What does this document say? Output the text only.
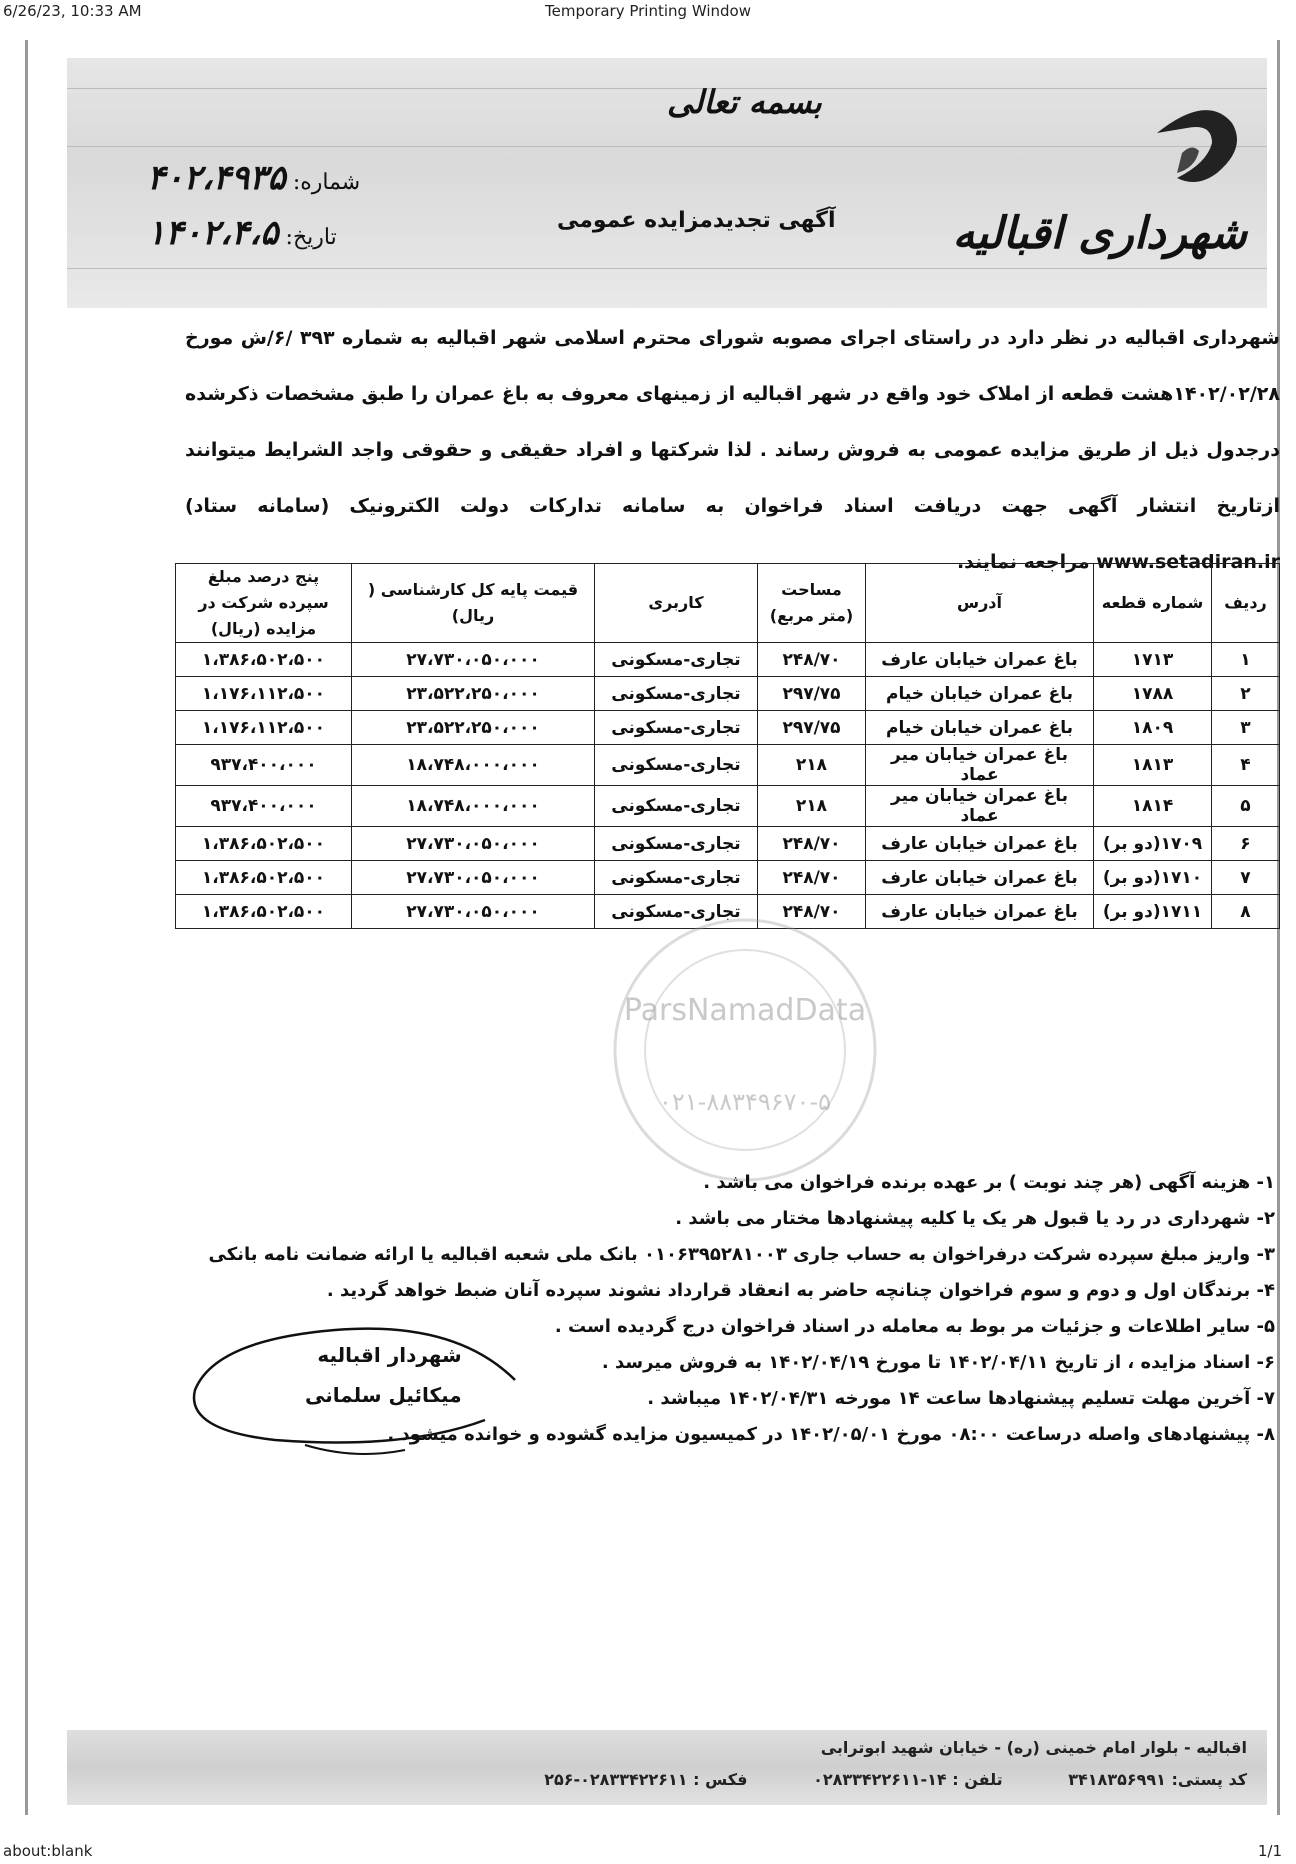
6/26/23, 10:33 AM	Temporary Printing Window
بسمه تعالی
شهرداری اقبالیه
آگهی تجدیدمزایده عمومی
شماره: ۴۰۲،۴۹۳۵
تاریخ: ۱۴۰۲،۴،۵
شهرداری اقبالیه در نظر دارد در راستای اجرای مصوبه شورای محترم اسلامی شهر اقبالیه به شماره ۳۹۳ /۶/ش مورخ ۱۴۰۲/۰۲/۲۸هشت قطعه از املاک خود واقع در شهر اقبالیه از زمینهای معروف به باغ عمران را طبق مشخصات ذکرشده درجدول ذیل از طریق مزایده عمومی به فروش رساند . لذا شرکتها و افراد حقیقی و حقوقی واجد الشرایط میتوانند ازتاریخ انتشار آگهی جهت دریافت اسناد فراخوان به سامانه تدارکات دولت الکترونیک (سامانه ستاد) www.setadiran.ir مراجعه نمایند.
ردیف	شماره قطعه	آدرس	مساحت (متر مربع)	کاربری	قیمت پایه کل کارشناسی ( ریال)	پنج درصد مبلغ سپرده شرکت در مزایده (ریال)
۱	۱۷۱۳	باغ عمران خیابان عارف	۲۴۸/۷۰	تجاری-مسکونی	۲۷،۷۳۰،۰۵۰،۰۰۰	۱،۳۸۶،۵۰۲،۵۰۰
۲	۱۷۸۸	باغ عمران خیابان خیام	۲۹۷/۷۵	تجاری-مسکونی	۲۳،۵۲۲،۲۵۰،۰۰۰	۱،۱۷۶،۱۱۲،۵۰۰
۳	۱۸۰۹	باغ عمران خیابان خیام	۲۹۷/۷۵	تجاری-مسکونی	۲۳،۵۲۲،۲۵۰،۰۰۰	۱،۱۷۶،۱۱۲،۵۰۰
۴	۱۸۱۳	باغ عمران خیابان میر عماد	۲۱۸	تجاری-مسکونی	۱۸،۷۴۸،۰۰۰،۰۰۰	۹۳۷،۴۰۰،۰۰۰
۵	۱۸۱۴	باغ عمران خیابان میر عماد	۲۱۸	تجاری-مسکونی	۱۸،۷۴۸،۰۰۰،۰۰۰	۹۳۷،۴۰۰،۰۰۰
۶	۱۷۰۹(دو بر)	باغ عمران خیابان عارف	۲۴۸/۷۰	تجاری-مسکونی	۲۷،۷۳۰،۰۵۰،۰۰۰	۱،۳۸۶،۵۰۲،۵۰۰
۷	۱۷۱۰(دو بر)	باغ عمران خیابان عارف	۲۴۸/۷۰	تجاری-مسکونی	۲۷،۷۳۰،۰۵۰،۰۰۰	۱،۳۸۶،۵۰۲،۵۰۰
۸	۱۷۱۱(دو بر)	باغ عمران خیابان عارف	۲۴۸/۷۰	تجاری-مسکونی	۲۷،۷۳۰،۰۵۰،۰۰۰	۱،۳۸۶،۵۰۲،۵۰۰
ParsNamadData
۰۲۱-۸۸۳۴۹۶۷۰-۵
۱- هزینه آگهی (هر چند نوبت ) بر عهده برنده فراخوان می باشد .
۲- شهرداری در رد یا قبول هر یک یا کلیه پیشنهادها مختار می باشد .
۳- واریز مبلغ سپرده شرکت درفراخوان به حساب جاری ۰۱۰۶۳۹۵۲۸۱۰۰۳ بانک ملی شعبه اقبالیه یا ارائه ضمانت نامه بانکی
۴- برندگان اول و دوم و سوم فراخوان چنانچه حاضر به انعقاد قرارداد نشوند سپرده آنان ضبط خواهد گردید .
۵- سایر اطلاعات و جزئیات مر بوط به معامله در اسناد فراخوان درج گردیده است .
۶- اسناد مزایده ، از تاریخ ۱۴۰۲/۰۴/۱۱ تا مورخ ۱۴۰۲/۰۴/۱۹ به فروش میرسد .
۷- آخرین مهلت تسلیم پیشنهادها ساعت ۱۴ مورخه ۱۴۰۲/۰۴/۳۱ میباشد .
۸- پیشنهادهای واصله درساعت ۰۸:۰۰ مورخ ۱۴۰۲/۰۵/۰۱ در کمیسیون مزایده گشوده و خوانده میشود .
شهردار اقبالیه
میکائیل سلمانی
اقبالیه - بلوار امام خمینی (ره) - خیابان شهید ابوترابی
کد پستی: ۳۴۱۸۳۵۶۹۹۱ تلفن : ۱۴-۰۲۸۳۳۴۲۲۶۱۱ فکس : ۰۲۸۳۳۴۲۲۶۱۱-۲۵۶
about:blank	1/1
